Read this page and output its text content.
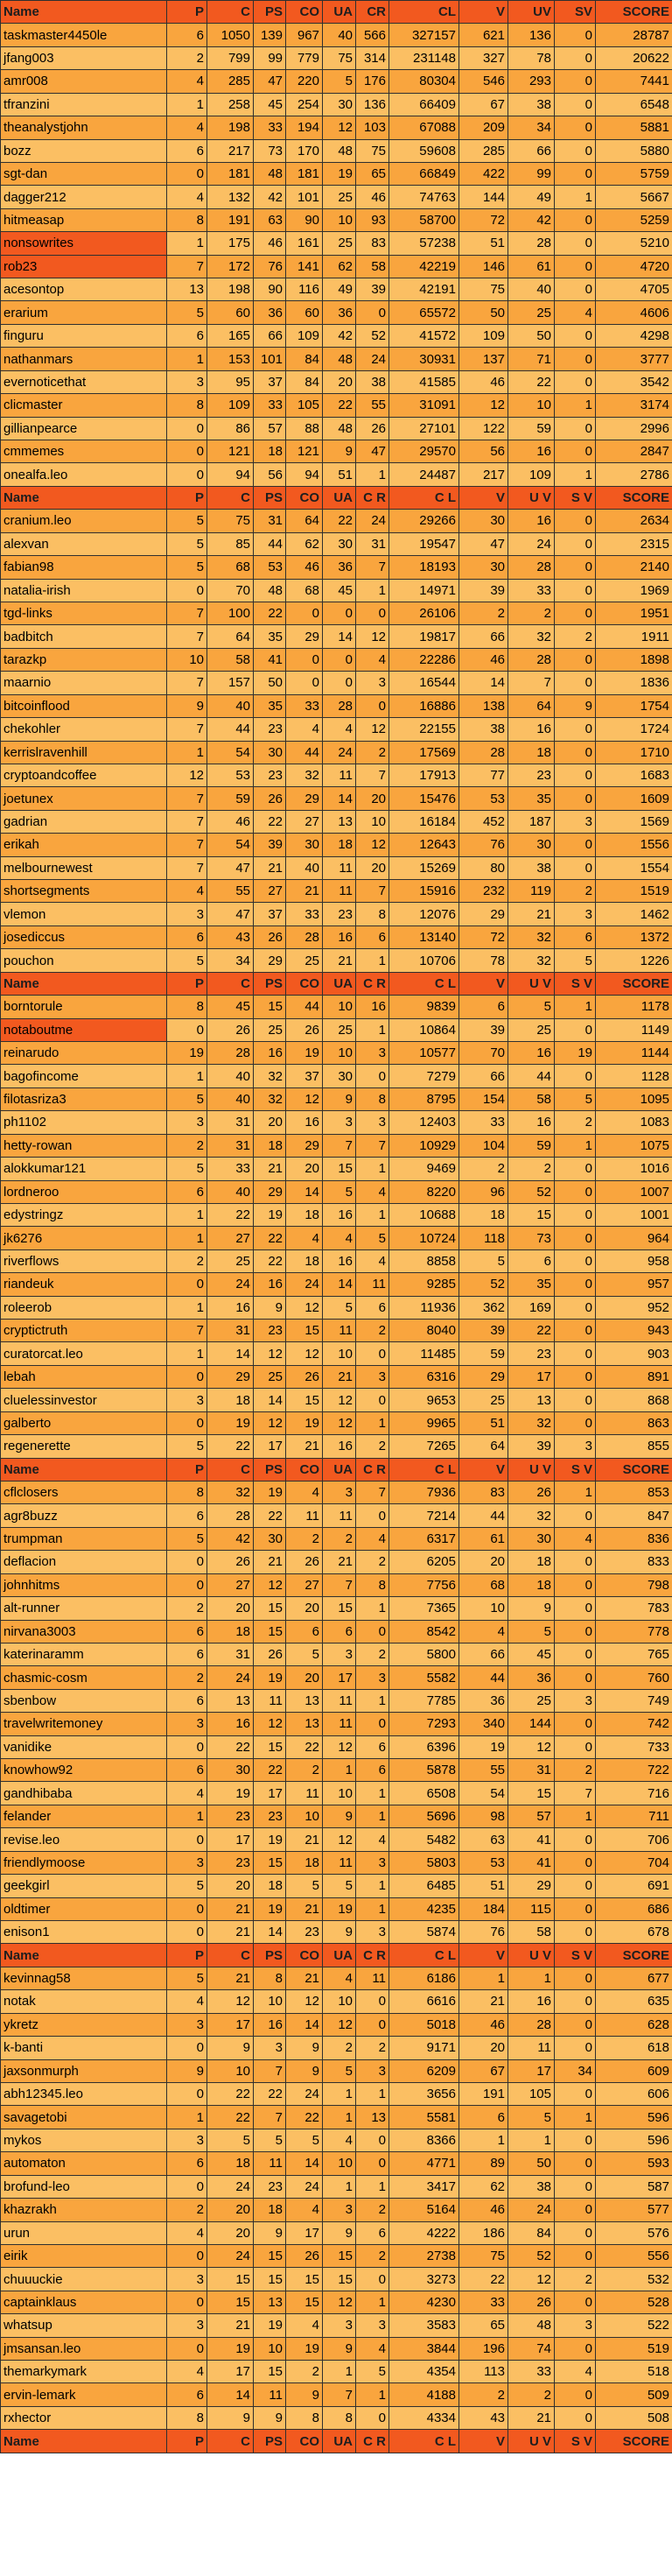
Name	P	C	PS	CO	UA	CR	CL	V	UV	SV	SCORE
taskmaster4450le	6	1050	139	967	40	566	327157	621	136	0	28787
jfang003	2	799	99	779	75	314	231148	327	78	0	20622
amr008	4	285	47	220	5	176	80304	546	293	0	7441
tfranzini	1	258	45	254	30	136	66409	67	38	0	6548
theanalystjohn	4	198	33	194	12	103	67088	209	34	0	5881
bozz	6	217	73	170	48	75	59608	285	66	0	5880
sgt-dan	0	181	48	181	19	65	66849	422	99	0	5759
dagger212	4	132	42	101	25	46	74763	144	49	1	5667
hitmeasap	8	191	63	90	10	93	58700	72	42	0	5259
nonsowrites	1	175	46	161	25	83	57238	51	28	0	5210
rob23	7	172	76	141	62	58	42219	146	61	0	4720
acesontop	13	198	90	116	49	39	42191	75	40	0	4705
erarium	5	60	36	60	36	0	65572	50	25	4	4606
finguru	6	165	66	109	42	52	41572	109	50	0	4298
nathanmars	1	153	101	84	48	24	30931	137	71	0	3777
evernoticethat	3	95	37	84	20	38	41585	46	22	0	3542
clicmaster	8	109	33	105	22	55	31091	12	10	1	3174
gillianpearce	0	86	57	88	48	26	27101	122	59	0	2996
cmmemes	0	121	18	121	9	47	29570	56	16	0	2847
onealfa.leo	0	94	56	94	51	1	24487	217	109	1	2786
Name	P	C	PS	CO	UA	C R	C L	V	U V	S V	SCORE
cranium.leo	5	75	31	64	22	24	29266	30	16	0	2634
alexvan	5	85	44	62	30	31	19547	47	24	0	2315
fabian98	5	68	53	46	36	7	18193	30	28	0	2140
natalia-irish	0	70	48	68	45	1	14971	39	33	0	1969
tgd-links	7	100	22	0	0	0	26106	2	2	0	1951
badbitch	7	64	35	29	14	12	19817	66	32	2	1911
tarazkp	10	58	41	0	0	4	22286	46	28	0	1898
maarnio	7	157	50	0	0	3	16544	14	7	0	1836
bitcoinflood	9	40	35	33	28	0	16886	138	64	9	1754
chekohler	7	44	23	4	4	12	22155	38	16	0	1724
kerrislravenhill	1	54	30	44	24	2	17569	28	18	0	1710
cryptoandcoffee	12	53	23	32	11	7	17913	77	23	0	1683
joetunex	7	59	26	29	14	20	15476	53	35	0	1609
gadrian	7	46	22	27	13	10	16184	452	187	3	1569
erikah	7	54	39	30	18	12	12643	76	30	0	1556
melbournewest	7	47	21	40	11	20	15269	80	38	0	1554
shortsegments	4	55	27	21	11	7	15916	232	119	2	1519
vlemon	3	47	37	33	23	8	12076	29	21	3	1462
josediccus	6	43	26	28	16	6	13140	72	32	6	1372
pouchon	5	34	29	25	21	1	10706	78	32	5	1226
Name	P	C	PS	CO	UA	C R	C L	V	U V	S V	SCORE
borntorule	8	45	15	44	10	16	9839	6	5	1	1178
notaboutme	0	26	25	26	25	1	10864	39	25	0	1149
reinarudo	19	28	16	19	10	3	10577	70	16	19	1144
bagofincome	1	40	32	37	30	0	7279	66	44	0	1128
filotasriza3	5	40	32	12	9	8	8795	154	58	5	1095
ph1102	3	31	20	16	3	3	12403	33	16	2	1083
hetty-rowan	2	31	18	29	7	7	10929	104	59	1	1075
alokkumar121	5	33	21	20	15	1	9469	2	2	0	1016
lordneroo	6	40	29	14	5	4	8220	96	52	0	1007
edystringz	1	22	19	18	16	1	10688	18	15	0	1001
jk6276	1	27	22	4	4	5	10724	118	73	0	964
riverflows	2	25	22	18	16	4	8858	5	6	0	958
riandeuk	0	24	16	24	14	11	9285	52	35	0	957
roleerob	1	16	9	12	5	6	11936	362	169	0	952
cryptictruth	7	31	23	15	11	2	8040	39	22	0	943
curatorcat.leo	1	14	12	12	10	0	11485	59	23	0	903
lebah	0	29	25	26	21	3	6316	29	17	0	891
cluelessinvestor	3	18	14	15	12	0	9653	25	13	0	868
galberto	0	19	12	19	12	1	9965	51	32	0	863
regenerette	5	22	17	21	16	2	7265	64	39	3	855
Name	P	C	PS	CO	UA	C R	C L	V	U V	S V	SCORE
cflclosers	8	32	19	4	3	7	7936	83	26	1	853
agr8buzz	6	28	22	11	11	0	7214	44	32	0	847
trumpman	5	42	30	2	2	4	6317	61	30	4	836
deflacion	0	26	21	26	21	2	6205	20	18	0	833
johnhitms	0	27	12	27	7	8	7756	68	18	0	798
alt-runner	2	20	15	20	15	1	7365	10	9	0	783
nirvana3003	6	18	15	6	6	0	8542	4	5	0	778
katerinaramm	6	31	26	5	3	2	5800	66	45	0	765
chasmic-cosm	2	24	19	20	17	3	5582	44	36	0	760
sbenbow	6	13	11	13	11	1	7785	36	25	3	749
travelwritemoney	3	16	12	13	11	0	7293	340	144	0	742
vanidike	0	22	15	22	12	6	6396	19	12	0	733
knowhow92	6	30	22	2	1	6	5878	55	31	2	722
gandhibaba	4	19	17	11	10	1	6508	54	15	7	716
felander	1	23	23	10	9	1	5696	98	57	1	711
revise.leo	0	17	19	21	12	4	5482	63	41	0	706
friendlymoose	3	23	15	18	11	3	5803	53	41	0	704
geekgirl	5	20	18	5	5	1	6485	51	29	0	691
oldtimer	0	21	19	21	19	1	4235	184	115	0	686
enison1	0	21	14	23	9	3	5874	76	58	0	678
Name	P	C	PS	CO	UA	C R	C L	V	U V	S V	SCORE
kevinnag58	5	21	8	21	4	11	6186	1	1	0	677
notak	4	12	10	12	10	0	6616	21	16	0	635
ykretz	3	17	16	14	12	0	5018	46	28	0	628
k-banti	0	9	3	9	2	2	9171	20	11	0	618
jaxsonmurph	9	10	7	9	5	3	6209	67	17	34	609
abh12345.leo	0	22	22	24	1	1	3656	191	105	0	606
savagetobi	1	22	7	22	1	13	5581	6	5	1	596
mykos	3	5	5	5	4	0	8366	1	1	0	596
automaton	6	18	11	14	10	0	4771	89	50	0	593
brofund-leo	0	24	23	24	1	1	3417	62	38	0	587
khazrakh	2	20	18	4	3	2	5164	46	24	0	577
urun	4	20	9	17	9	6	4222	186	84	0	576
eirik	0	24	15	26	15	2	2738	75	52	0	556
chuuuckie	3	15	15	15	15	0	3273	22	12	2	532
captainklaus	0	15	13	15	12	1	4230	33	26	0	528
whatsup	3	21	19	4	3	3	3583	65	48	3	522
jmsansan.leo	0	19	10	19	9	4	3844	196	74	0	519
themarkymark	4	17	15	2	1	5	4354	113	33	4	518
ervin-lemark	6	14	11	9	7	1	4188	2	2	0	509
rxhector	8	9	9	8	8	0	4334	43	21	0	508
Name	P	C	PS	CO	UA	C R	C L	V	U V	S V	SCORE
